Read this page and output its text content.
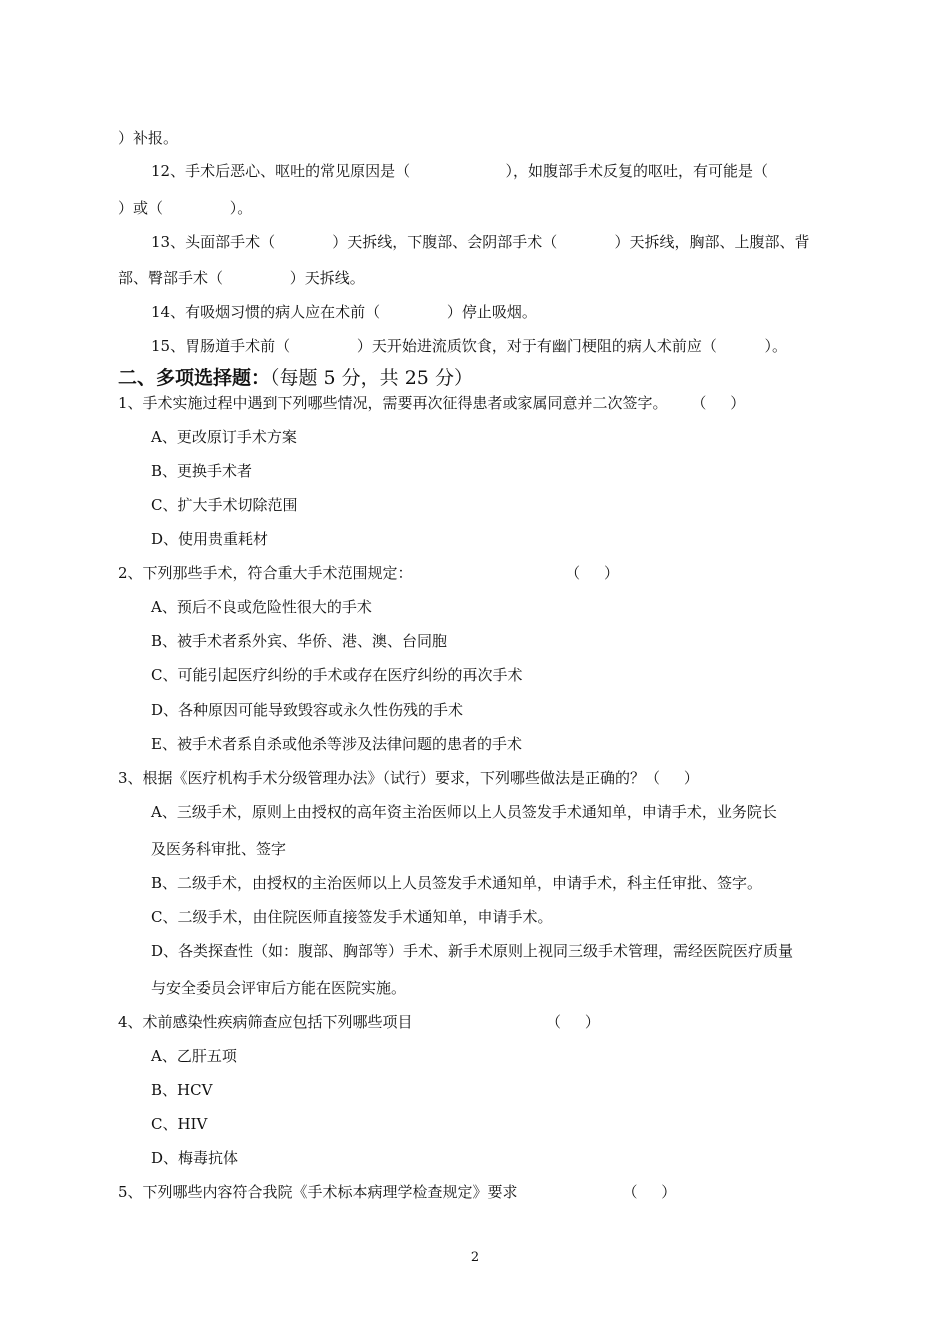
）补报。
12、手术后恶心、呕吐的常见原因是（                    ），如腹部手术反复的呕吐，有可能是（
）或（              ）。
13、头面部手术（            ）天拆线，下腹部、会阴部手术（            ）天拆线，胸部、上腹部、背
部、臀部手术（              ）天拆线。
14、有吸烟习惯的病人应在术前（              ）停止吸烟。
15、胃肠道手术前（              ）天开始进流质饮食，对于有幽门梗阻的病人术前应（          ）。
二、多项选择题：（每题 5 分，共 25 分）
1、手术实施过程中遇到下列哪些情况，需要再次征得患者或家属同意并二次签字。     （     ）
A、更改原订手术方案
B、更换手术者
C、扩大手术切除范围
D、使用贵重耗材
2、下列那些手术，符合重大手术范围规定：                                （     ）
A、预后不良或危险性很大的手术
B、被手术者系外宾、华侨、港、澳、台同胞
C、可能引起医疗纠纷的手术或存在医疗纠纷的再次手术
D、各种原因可能导致毁容或永久性伤残的手术
E、被手术者系自杀或他杀等涉及法律问题的患者的手术
3、根据《医疗机构手术分级管理办法》（试行）要求，下列哪些做法是正确的？（     ）
A、三级手术，原则上由授权的高年资主治医师以上人员签发手术通知单，申请手术，业务院长
及医务科审批、签字
B、二级手术，由授权的主治医师以上人员签发手术通知单，申请手术，科主任审批、签字。
C、二级手术，由住院医师直接签发手术通知单，申请手术。
D、各类探查性（如：腹部、胸部等）手术、新手术原则上视同三级手术管理，需经医院医疗质量
与安全委员会评审后方能在医院实施。
4、术前感染性疾病筛查应包括下列哪些项目                            （     ）
A、乙肝五项
B、HCV
C、HIV
D、梅毒抗体
5、下列哪些内容符合我院《手术标本病理学检查规定》要求                      （     ）
2
